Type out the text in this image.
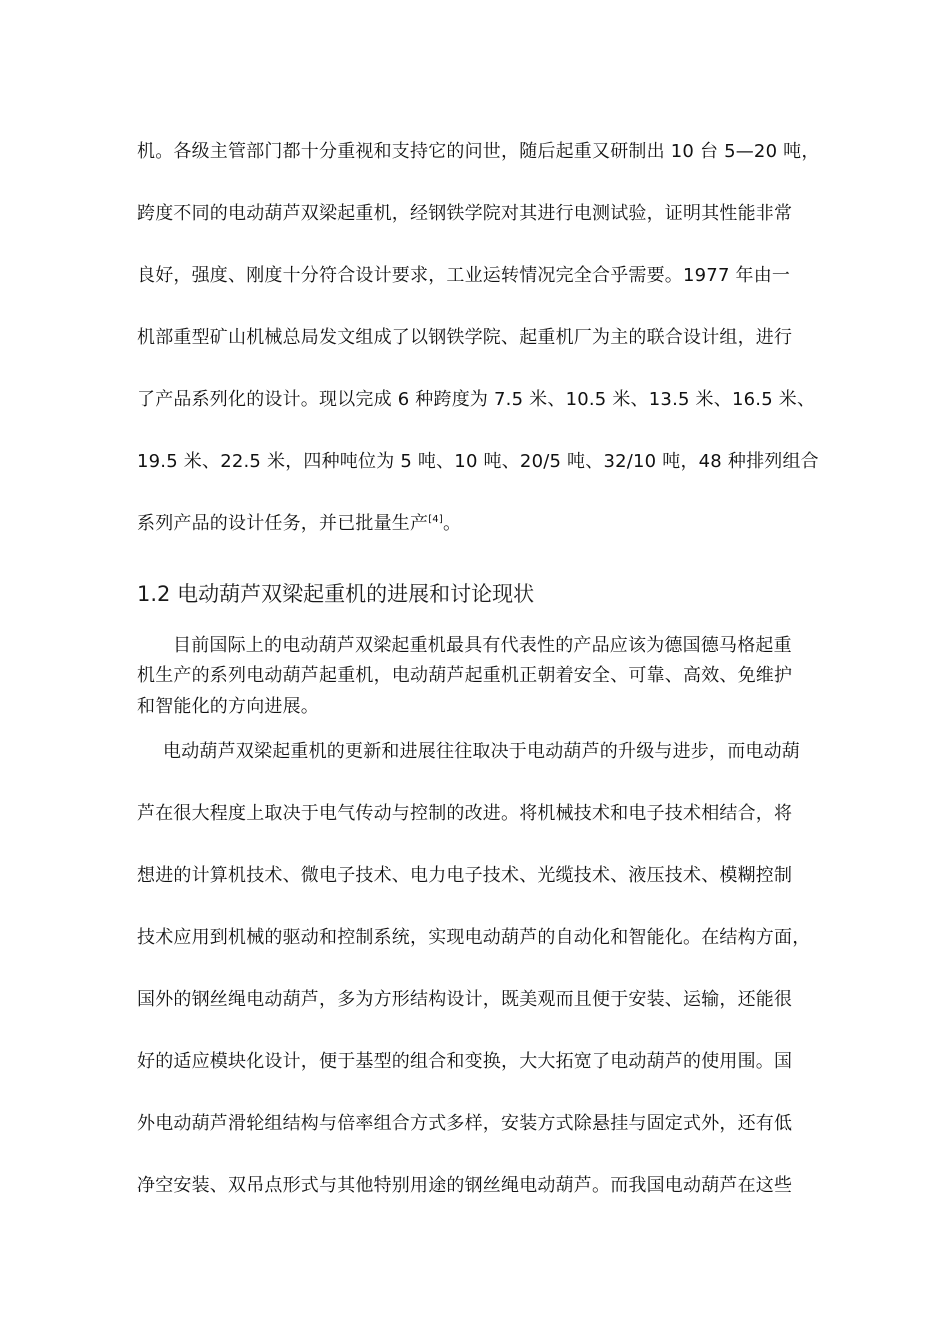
机。各级主管部门都十分重视和支持它的问世，随后起重又研制出 10 台 5—20 吨，
跨度不同的电动葫芦双梁起重机，经钢铁学院对其进行电测试验，证明其性能非常
良好，强度、刚度十分符合设计要求，工业运转情况完全合乎需要。1977 年由一
机部重型矿山机械总局发文组成了以钢铁学院、起重机厂为主的联合设计组，进行
了产品系列化的设计。现以完成 6 种跨度为 7.5 米、10.5 米、13.5 米、16.5 米、
19.5 米、22.5 米，四种吨位为 5 吨、10 吨、20/5 吨、32/10 吨，48 种排列组合
系列产品的设计任务，并已批量生产[4]。
1.2 电动葫芦双梁起重机的进展和讨论现状
目前国际上的电动葫芦双梁起重机最具有代表性的产品应该为德国德马格起重
机生产的系列电动葫芦起重机，电动葫芦起重机正朝着安全、可靠、高效、免维护
和智能化的方向进展。
电动葫芦双梁起重机的更新和进展往往取决于电动葫芦的升级与进步，而电动葫
芦在很大程度上取决于电气传动与控制的改进。将机械技术和电子技术相结合，将
想进的计算机技术、微电子技术、电力电子技术、光缆技术、液压技术、模糊控制
技术应用到机械的驱动和控制系统，实现电动葫芦的自动化和智能化。在结构方面，
国外的钢丝绳电动葫芦，多为方形结构设计，既美观而且便于安装、运输，还能很
好的适应模块化设计，便于基型的组合和变换，大大拓宽了电动葫芦的使用围。国
外电动葫芦滑轮组结构与倍率组合方式多样，安装方式除悬挂与固定式外，还有低
净空安装、双吊点形式与其他特别用途的钢丝绳电动葫芦。而我国电动葫芦在这些
